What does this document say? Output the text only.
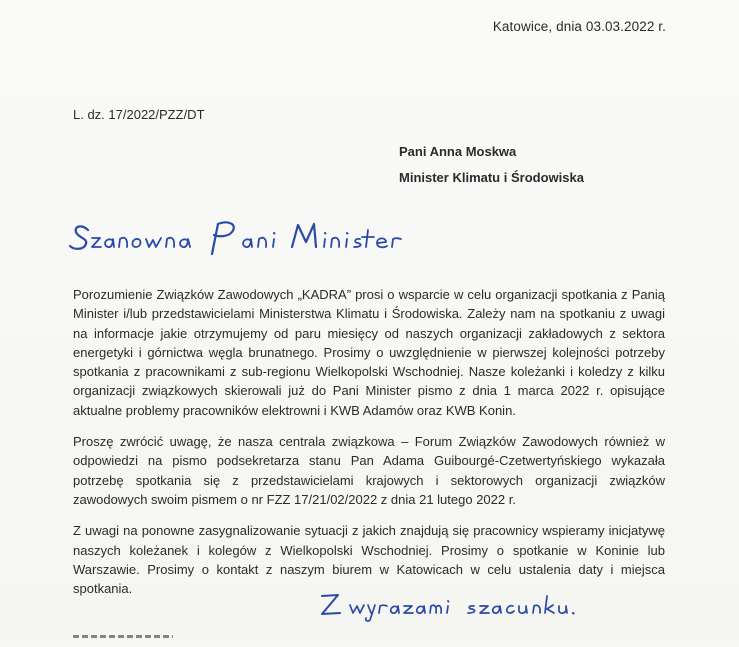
Katowice, dnia 03.03.2022 r.
L. dz. 17/2022/PZZ/DT
Pani Anna Moskwa
Minister Klimatu i Środowiska

Porozumienie Związków Zawodowych „KADRA” prosi o wsparcie w celu organizacji spotkania z Panią Minister i/lub przedstawicielami Ministerstwa Klimatu i Środowiska. Zależy nam na spotkaniu z uwagi na informacje jakie otrzymujemy od paru miesięcy od naszych organizacji zakładowych z sektora energetyki i górnictwa węgla brunatnego. Prosimy o uwzględnienie w pierwszej kolejności potrzeby spotkania z pracownikami z sub-regionu Wielkopolski Wschodniej. Nasze koleżanki i koledzy z kilku organizacji związkowych skierowali już do Pani Minister pismo z dnia 1 marca 2022 r. opisujące aktualne problemy pracowników elektrowni i KWB Adamów oraz KWB Konin.

Proszę zwrócić uwagę, że nasza centrala związkowa – Forum Związków Zawodowych również w odpowiedzi na pismo podsekretarza stanu Pan Adama Guibourgé-Czetwertyńskiego wykazała potrzebę spotkania się z przedstawicielami krajowych i sektorowych organizacji związków zawodowych swoim pismem o nr FZZ 17/21/02/2022 z dnia 21 lutego 2022 r.

Z uwagi na ponowne zasygnalizowanie sytuacji z jakich znajdują się pracownicy wspieramy inicjatywę naszych koleżanek i kolegów z Wielkopolski Wschodniej. Prosimy o spotkanie w Koninie lub Warszawie. Prosimy o kontakt z naszym biurem w Katowicach w celu ustalenia daty i miejsca spotkania.
